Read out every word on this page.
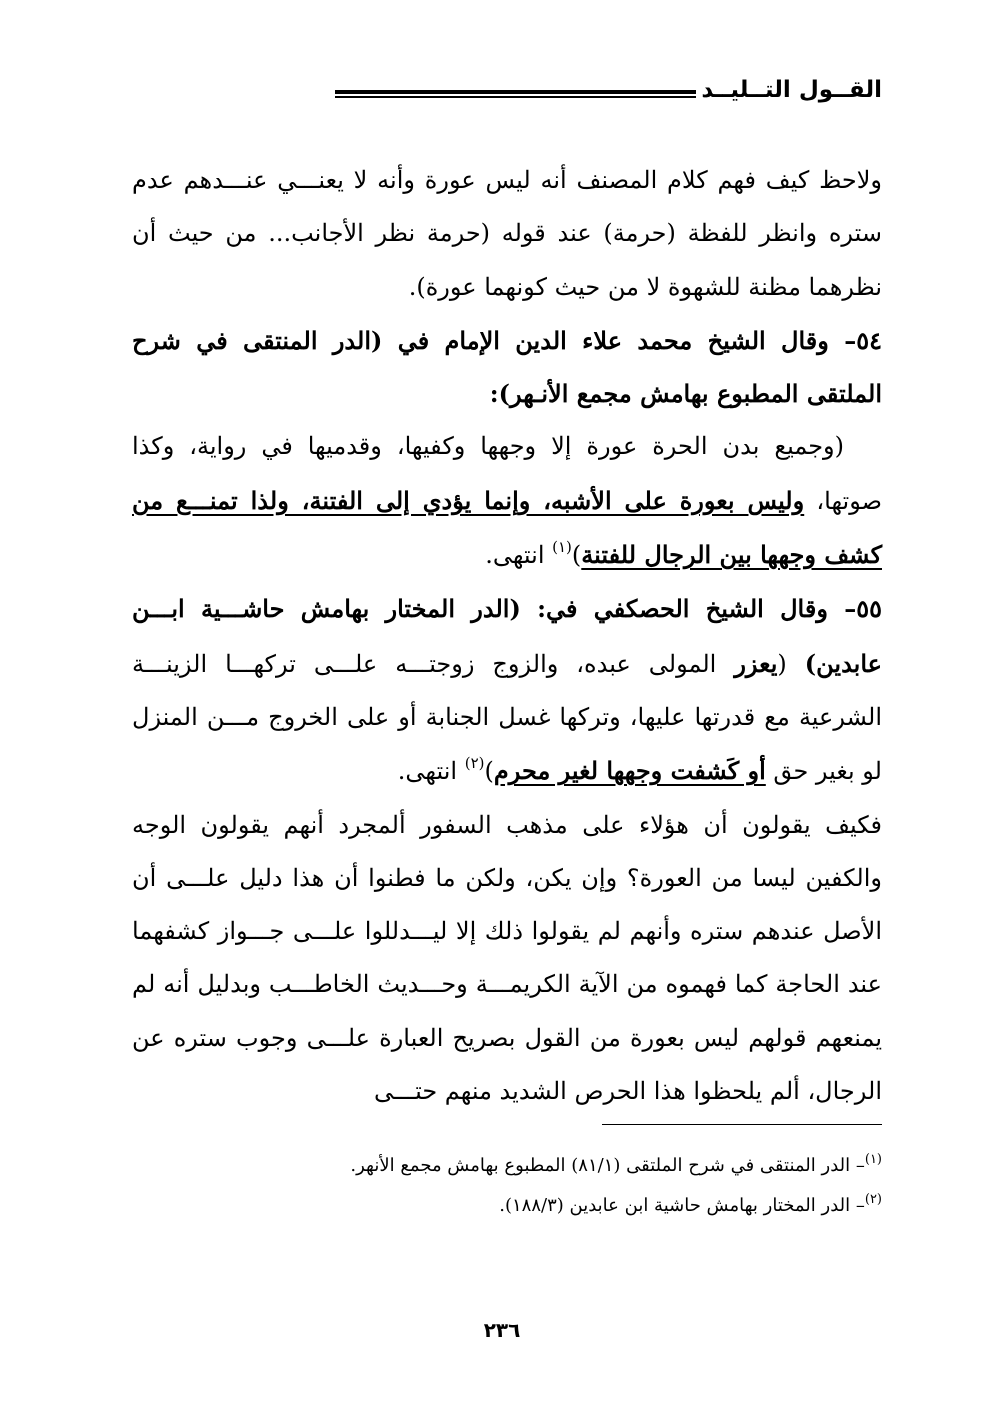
القــول التــليــد

ولاحظ كيف فهم كلام المصنف أنه ليس عورة وأنه لا يعنـــي عنـــدهم عدم ستره وانظر للفظة (حرمة) عند قوله (حرمة نظر الأجانب... من حيث أن نظرهما مظنة للشهوة لا من حيث كونهما عورة).

٥٤– وقال الشيخ محمد علاء الدين الإمام في (الدر المنتقى في شرح الملتقى المطبوع بهامش مجمع الأنـهر):

(وجميع بدن الحرة عورة إلا وجهها وكفيها، وقدميها في رواية، وكذا صوتها، وليس بعورة على الأشبه، وإنما يؤدي إلى الفتنة، ولذا تمنـــع من كشف وجهها بين الرجال للفتنة)$^{(١)}$ انتهى.

٥٥– وقال الشيخ الحصكفي في: (الدر المختار بهامش حاشـــية ابـــن عابدين) (يعزر المولى عبده، والزوج زوجتـــه علـــى تركهـــا الزينـــة الشرعية مع قدرتها عليها، وتركها غسل الجنابة أو على الخروج مـــن المنزل لو بغير حق أو كَشفت وجهها لغير محرم)$^{(٢)}$ انتهى.

فكيف يقولون أن هؤلاء على مذهب السفور ألمجرد أنهم يقولون الوجه والكفين ليسا من العورة؟ وإن يكن، ولكن ما فطنوا أن هذا دليل علـــى أن الأصل عندهم ستره وأنهم لم يقولوا ذلك إلا ليـــدللوا علـــى جـــواز كشفهما عند الحاجة كما فهموه من الآية الكريمـــة وحـــديث الخاطـــب وبدليل أنه لم يمنعهم قولهم ليس بعورة من القول بصريح العبارة علـــى وجوب ستره عن الرجال، ألم يلحظوا هذا الحرص الشديد منهم حتـــى

$^{(١)}$– الدر المنتقى في شرح الملتقى (٨١/١) المطبوع بهامش مجمع الأنهر.

$^{(٢)}$– الدر المختار بهامش حاشية ابن عابدين (١٨٨/٣).

٢٣٦
